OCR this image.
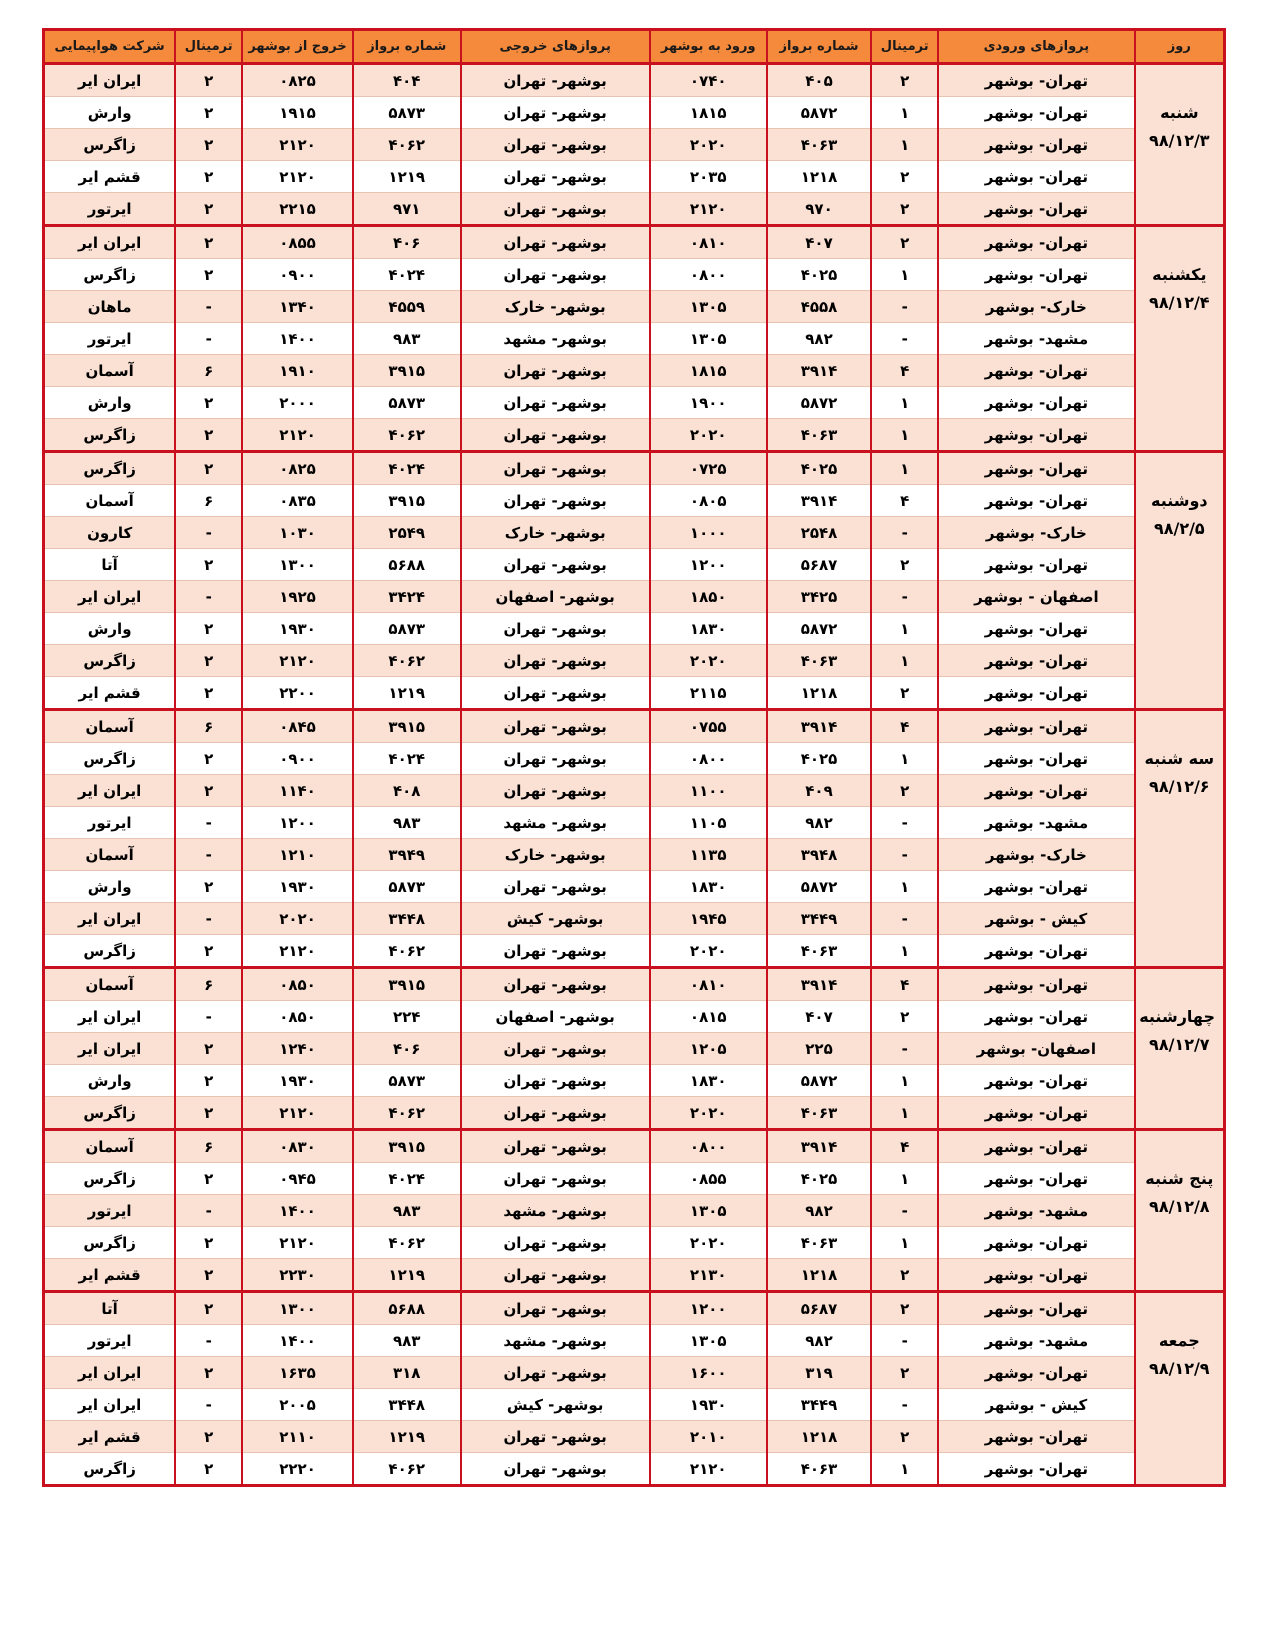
روز	پروازهای ورودی	ترمینال	شماره برواز	ورود به بوشهر	پروازهای خروجی	شماره برواز	خروج از بوشهر	ترمینال	شرکت هواپیمایی

شنبه
۹۸/۱۲/۳	تهران- بوشهر	۲	۴۰۵	۰۷۴۰	بوشهر- تهران	۴۰۴	۰۸۲۵	۲	ایران ایر
	تهران- بوشهر	۱	۵۸۷۲	۱۸۱۵	بوشهر- تهران	۵۸۷۳	۱۹۱۵	۲	وارش
	تهران- بوشهر	۱	۴۰۶۳	۲۰۲۰	بوشهر- تهران	۴۰۶۲	۲۱۲۰	۲	زاگرس
	تهران- بوشهر	۲	۱۲۱۸	۲۰۳۵	بوشهر- تهران	۱۲۱۹	۲۱۲۰	۲	قشم ایر
	تهران- بوشهر	۲	۹۷۰	۲۱۲۰	بوشهر- تهران	۹۷۱	۲۲۱۵	۲	ایرتور

یکشنبه
۹۸/۱۲/۴	تهران- بوشهر	۲	۴۰۷	۰۸۱۰	بوشهر- تهران	۴۰۶	۰۸۵۵	۲	ایران ایر
	تهران- بوشهر	۱	۴۰۲۵	۰۸۰۰	بوشهر- تهران	۴۰۲۴	۰۹۰۰	۲	زاگرس
	خارک- بوشهر	-	۴۵۵۸	۱۳۰۵	بوشهر- خارک	۴۵۵۹	۱۳۴۰	-	ماهان
	مشهد- بوشهر	-	۹۸۲	۱۳۰۵	بوشهر- مشهد	۹۸۳	۱۴۰۰	-	ایرتور
	تهران- بوشهر	۴	۳۹۱۴	۱۸۱۵	بوشهر- تهران	۳۹۱۵	۱۹۱۰	۶	آسمان
	تهران- بوشهر	۱	۵۸۷۲	۱۹۰۰	بوشهر- تهران	۵۸۷۳	۲۰۰۰	۲	وارش
	تهران- بوشهر	۱	۴۰۶۳	۲۰۲۰	بوشهر- تهران	۴۰۶۲	۲۱۲۰	۲	زاگرس

دوشنبه
۹۸/۲/۵	تهران- بوشهر	۱	۴۰۲۵	۰۷۲۵	بوشهر- تهران	۴۰۲۴	۰۸۲۵	۲	زاگرس
	تهران- بوشهر	۴	۳۹۱۴	۰۸۰۵	بوشهر- تهران	۳۹۱۵	۰۸۳۵	۶	آسمان
	خارک- بوشهر	-	۲۵۴۸	۱۰۰۰	بوشهر- خارک	۲۵۴۹	۱۰۳۰	-	کارون
	تهران- بوشهر	۲	۵۶۸۷	۱۲۰۰	بوشهر- تهران	۵۶۸۸	۱۳۰۰	۲	آتا
	اصفهان - بوشهر	-	۳۴۲۵	۱۸۵۰	بوشهر- اصفهان	۳۴۲۴	۱۹۲۵	-	ایران ایر
	تهران- بوشهر	۱	۵۸۷۲	۱۸۳۰	بوشهر- تهران	۵۸۷۳	۱۹۳۰	۲	وارش
	تهران- بوشهر	۱	۴۰۶۳	۲۰۲۰	بوشهر- تهران	۴۰۶۲	۲۱۲۰	۲	زاگرس
	تهران- بوشهر	۲	۱۲۱۸	۲۱۱۵	بوشهر- تهران	۱۲۱۹	۲۲۰۰	۲	قشم ایر

سه شنبه
۹۸/۱۲/۶	تهران- بوشهر	۴	۳۹۱۴	۰۷۵۵	بوشهر- تهران	۳۹۱۵	۰۸۴۵	۶	آسمان
	تهران- بوشهر	۱	۴۰۲۵	۰۸۰۰	بوشهر- تهران	۴۰۲۴	۰۹۰۰	۲	زاگرس
	تهران- بوشهر	۲	۴۰۹	۱۱۰۰	بوشهر- تهران	۴۰۸	۱۱۴۰	۲	ایران ایر
	مشهد- بوشهر	-	۹۸۲	۱۱۰۵	بوشهر- مشهد	۹۸۳	۱۲۰۰	-	ایرتور
	خارک- بوشهر	-	۳۹۴۸	۱۱۳۵	بوشهر- خارک	۳۹۴۹	۱۲۱۰	-	آسمان
	تهران- بوشهر	۱	۵۸۷۲	۱۸۳۰	بوشهر- تهران	۵۸۷۳	۱۹۳۰	۲	وارش
	کیش - بوشهر	-	۳۴۴۹	۱۹۴۵	بوشهر- کیش	۳۴۴۸	۲۰۲۰	-	ایران ایر
	تهران- بوشهر	۱	۴۰۶۳	۲۰۲۰	بوشهر- تهران	۴۰۶۲	۲۱۲۰	۲	زاگرس

چهارشنبه
۹۸/۱۲/۷	تهران- بوشهر	۴	۳۹۱۴	۰۸۱۰	بوشهر- تهران	۳۹۱۵	۰۸۵۰	۶	آسمان
	تهران- بوشهر	۲	۴۰۷	۰۸۱۵	بوشهر- اصفهان	۲۲۴	۰۸۵۰	-	ایران ایر
	اصفهان- بوشهر	-	۲۲۵	۱۲۰۵	بوشهر- تهران	۴۰۶	۱۲۴۰	۲	ایران ایر
	تهران- بوشهر	۱	۵۸۷۲	۱۸۳۰	بوشهر- تهران	۵۸۷۳	۱۹۳۰	۲	وارش
	تهران- بوشهر	۱	۴۰۶۳	۲۰۲۰	بوشهر- تهران	۴۰۶۲	۲۱۲۰	۲	زاگرس

پنج شنبه
۹۸/۱۲/۸	تهران- بوشهر	۴	۳۹۱۴	۰۸۰۰	بوشهر- تهران	۳۹۱۵	۰۸۳۰	۶	آسمان
	تهران- بوشهر	۱	۴۰۲۵	۰۸۵۵	بوشهر- تهران	۴۰۲۴	۰۹۴۵	۲	زاگرس
	مشهد- بوشهر	-	۹۸۲	۱۳۰۵	بوشهر- مشهد	۹۸۳	۱۴۰۰	-	ایرتور
	تهران- بوشهر	۱	۴۰۶۳	۲۰۲۰	بوشهر- تهران	۴۰۶۲	۲۱۲۰	۲	زاگرس
	تهران- بوشهر	۲	۱۲۱۸	۲۱۳۰	بوشهر- تهران	۱۲۱۹	۲۲۳۰	۲	قشم ایر

جمعه
۹۸/۱۲/۹	تهران- بوشهر	۲	۵۶۸۷	۱۲۰۰	بوشهر- تهران	۵۶۸۸	۱۳۰۰	۲	آتا
	مشهد- بوشهر	-	۹۸۲	۱۳۰۵	بوشهر- مشهد	۹۸۳	۱۴۰۰	-	ایرتور
	تهران- بوشهر	۲	۳۱۹	۱۶۰۰	بوشهر- تهران	۳۱۸	۱۶۳۵	۲	ایران ایر
	کیش - بوشهر	-	۳۴۴۹	۱۹۳۰	بوشهر- کیش	۳۴۴۸	۲۰۰۵	-	ایران ایر
	تهران- بوشهر	۲	۱۲۱۸	۲۰۱۰	بوشهر- تهران	۱۲۱۹	۲۱۱۰	۲	قشم ایر
	تهران- بوشهر	۱	۴۰۶۳	۲۱۲۰	بوشهر- تهران	۴۰۶۲	۲۲۲۰	۲	زاگرس
